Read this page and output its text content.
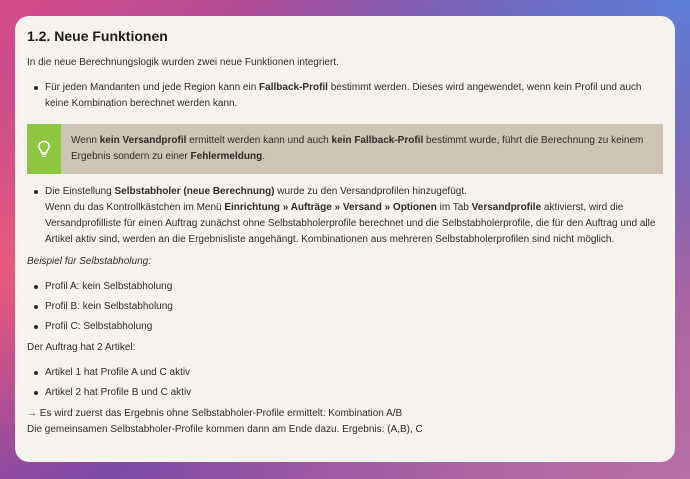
1.2. Neue Funktionen

In die neue Berechnungslogik wurden zwei neue Funktionen integriert.

Für jeden Mandanten und jede Region kann ein Fallback-Profil bestimmt werden. Dieses wird angewendet, wenn kein Profil und auch keine Kombination berechnet werden kann.
Wenn kein Versandprofil ermittelt werden kann und auch kein Fallback-Profil bestimmt wurde, führt die Berechnung zu keinem Ergebnis sondern zu einer Fehlermeldung.
Die Einstellung Selbstabholer (neue Berechnung) wurde zu den Versandprofilen hinzugefügt.
Wenn du das Kontrollkästchen im Menü Einrichtung » Aufträge » Versand » Optionen im Tab Versandprofile aktivierst, wird die Versandprofilliste für einen Auftrag zunächst ohne Selbstabholerprofile berechnet und die Selbstabholerprofile, die für den Auftrag und alle Artikel aktiv sind, werden an die Ergebnisliste angehängt. Kombinationen aus mehreren Selbstabholerprofilen sind nicht möglich.

Beispiel für Selbstabholung:

Profil A: kein Selbstabholung
Profil B: kein Selbstabholung
Profil C: Selbstabholung

Der Auftrag hat 2 Artikel:

Artikel 1 hat Profile A und C aktiv
Artikel 2 hat Profile B und C aktiv

→ Es wird zuerst das Ergebnis ohne Selbstabholer-Profile ermittelt: Kombination A/B

Die gemeinsamen Selbstabholer-Profile kommen dann am Ende dazu. Ergebnis: (A,B), C
